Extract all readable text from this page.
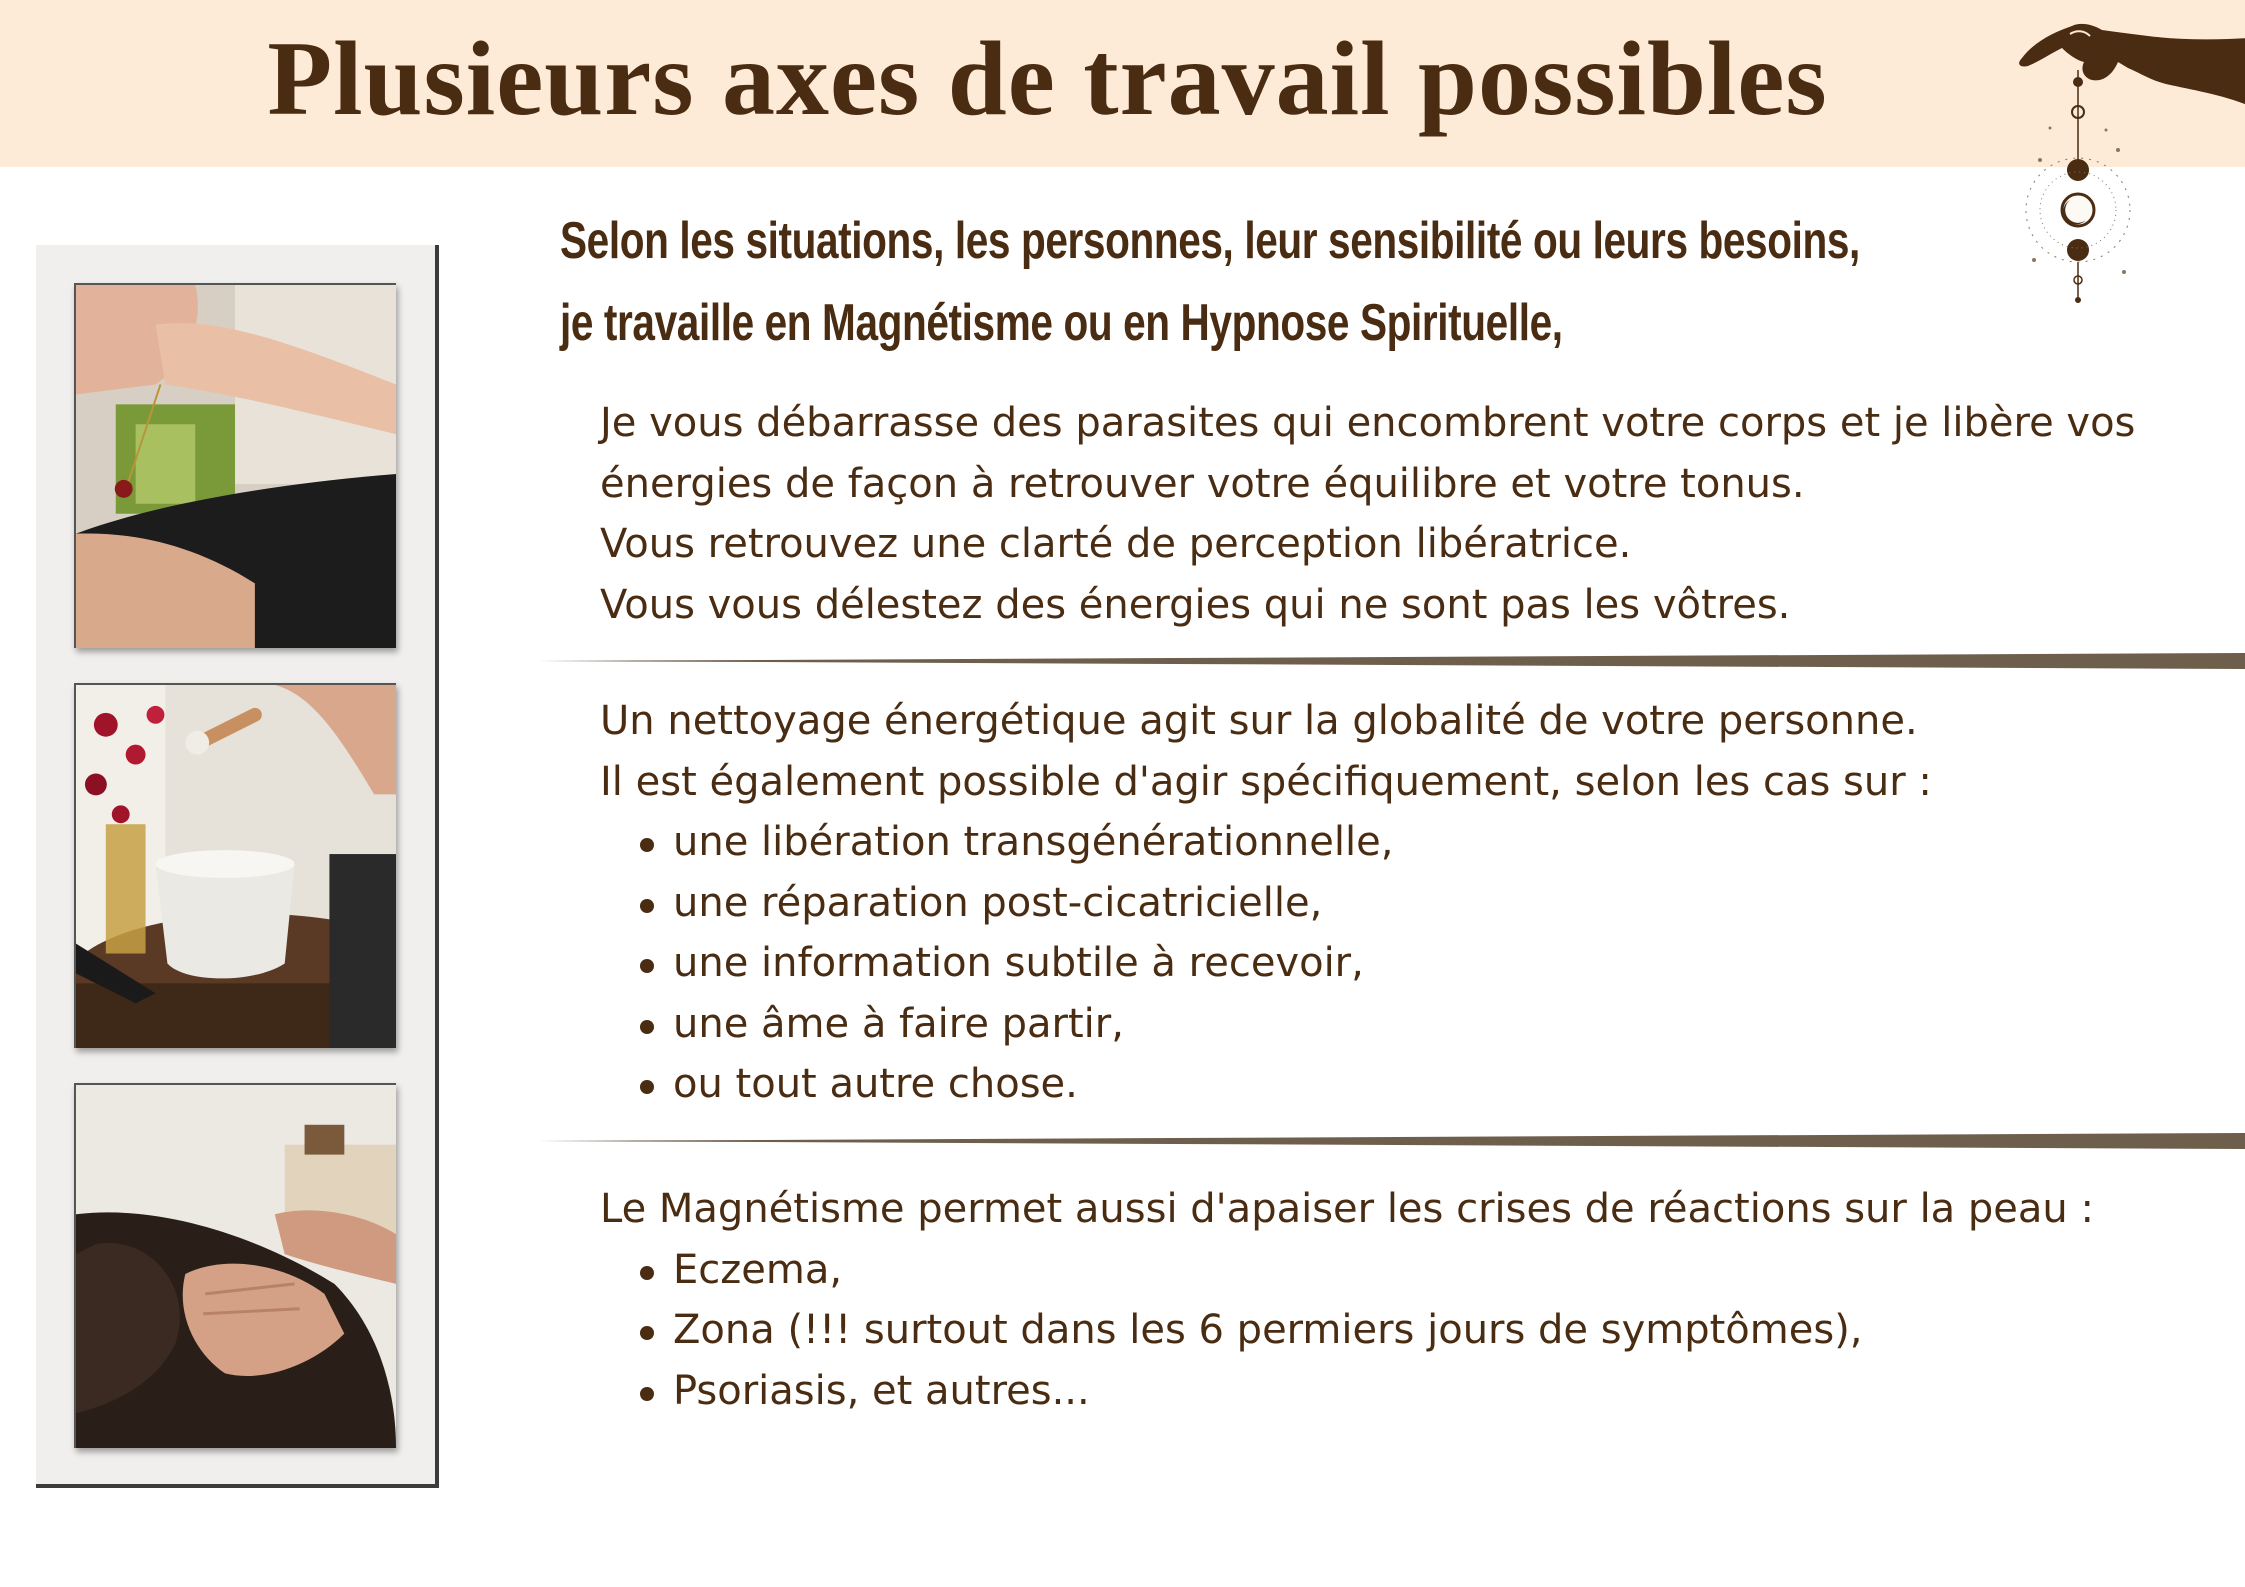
Plusieurs axes de travail possibles
Selon les situations, les personnes, leur sensibilité ou leurs besoins,
je travaille en Magnétisme ou en Hypnose Spirituelle,
Je vous débarrasse des parasites qui encombrent votre corps et je libère vos
énergies de façon à retrouver votre équilibre et votre tonus.
Vous retrouvez une clarté de perception libératrice.
Vous vous délestez des énergies qui ne sont pas les vôtres.
Un nettoyage énergétique agit sur la globalité de votre personne.
Il est également possible d'agir spécifiquement, selon les cas sur :
une libération transgénérationnelle,
une réparation post-cicatricielle,
une information subtile à recevoir,
une âme à faire partir,
ou tout autre chose.
Le Magnétisme permet aussi d'apaiser les crises de réactions sur la peau :
Eczema,
Zona (!!! surtout dans les 6 permiers jours de symptômes),
Psoriasis, et autres...
